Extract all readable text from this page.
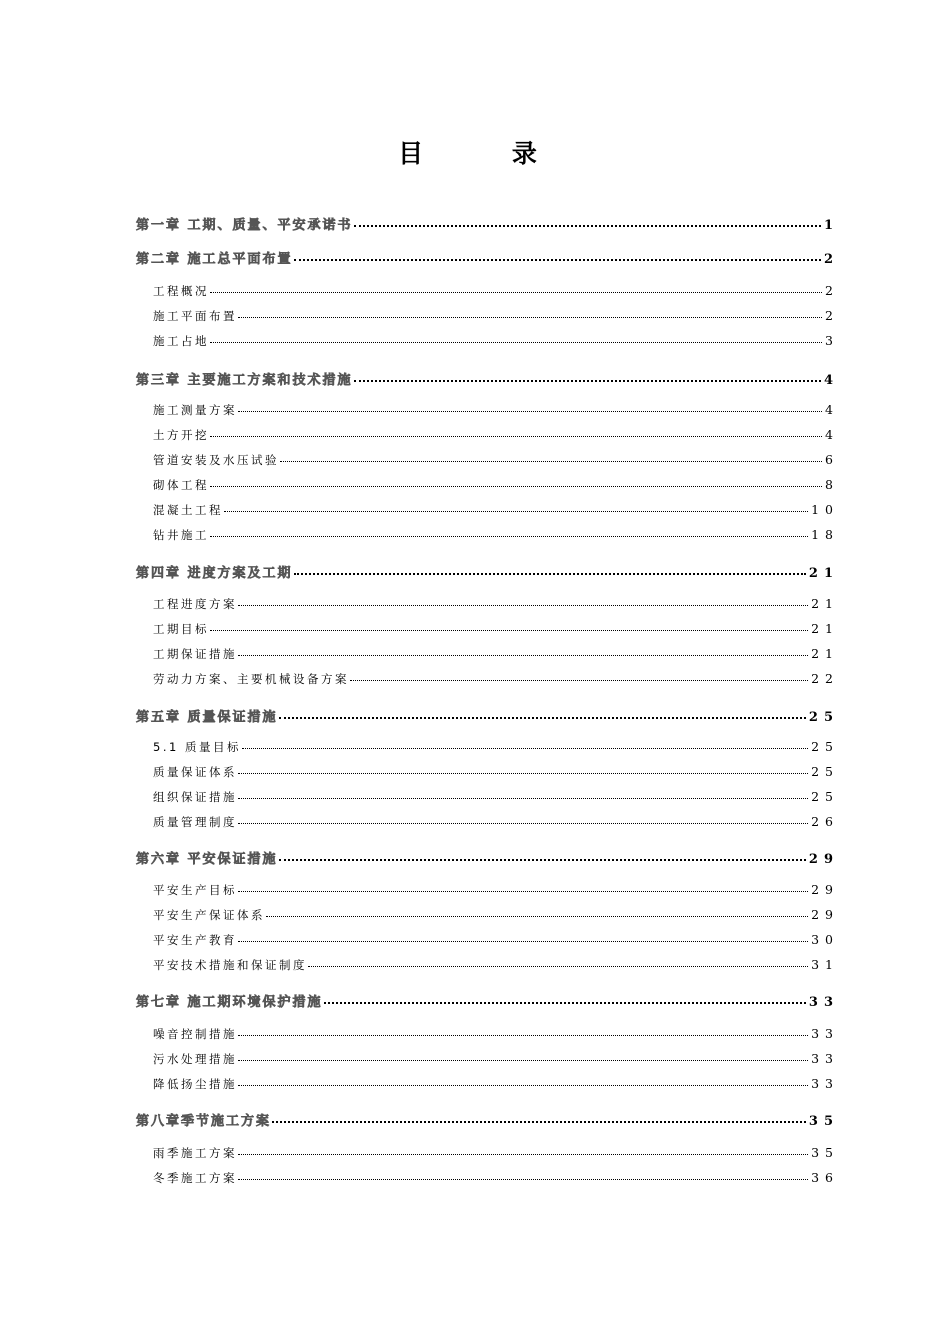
目 录
第一章 工期、质量、平安承诺书	1
第二章 施工总平面布置	2
工程概况	2
施工平面布置	2
施工占地	3
第三章 主要施工方案和技术措施	4
施工测量方案	4
土方开挖	4
管道安装及水压试验	6
砌体工程	8
混凝土工程	10
钻井施工	18
第四章 进度方案及工期	21
工程进度方案	21
工期目标	21
工期保证措施	21
劳动力方案、主要机械设备方案	22
第五章 质量保证措施	25
5.1 质量目标	25
质量保证体系	25
组织保证措施	25
质量管理制度	26
第六章 平安保证措施	29
平安生产目标	29
平安生产保证体系	29
平安生产教育	30
平安技术措施和保证制度	31
第七章 施工期环境保护措施	33
噪音控制措施	33
污水处理措施	33
降低扬尘措施	33
第八章季节施工方案	35
雨季施工方案	35
冬季施工方案	36
